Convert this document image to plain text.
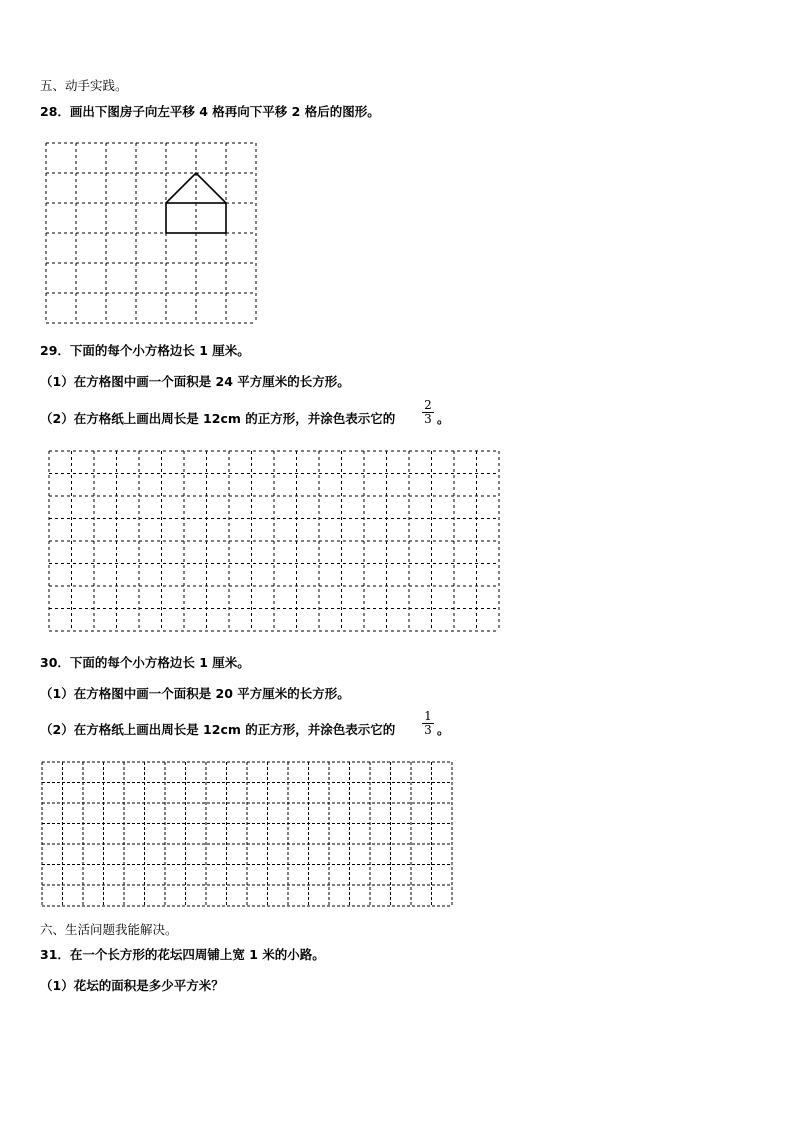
五、动手实践。
28．画出下图房子向左平移 4 格再向下平移 2 格后的图形。
29．下面的每个小方格边长 1 厘米。
（1）在方格图中画一个面积是 24 平方厘米的长方形。
（2）在方格纸上画出周长是 12cm 的正方形，并涂色表示它的
2
3 。
30．下面的每个小方格边长 1 厘米。
（1）在方格图中画一个面积是 20 平方厘米的长方形。
（2）在方格纸上画出周长是 12cm 的正方形，并涂色表示它的
1
3 。
六、生活问题我能解决。
31．在一个长方形的花坛四周铺上宽 1 米的小路。
（1）花坛的面积是多少平方米？
